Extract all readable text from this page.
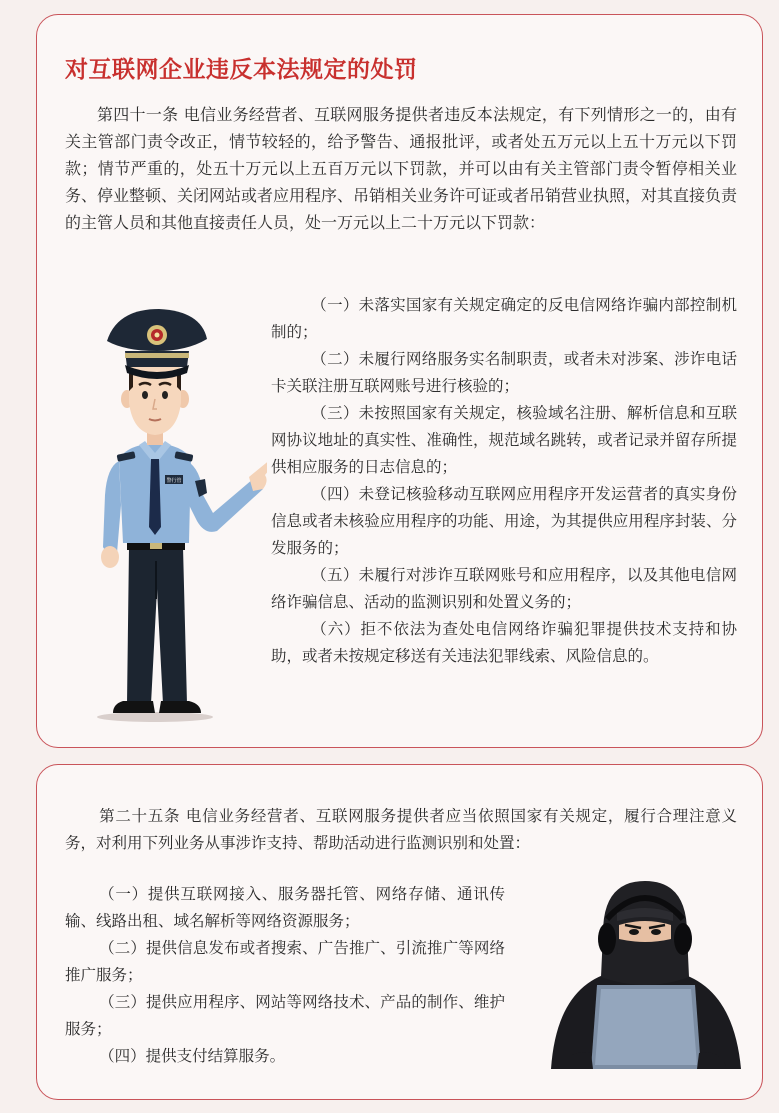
对互联网企业违反本法规定的处罚

第四十一条 电信业务经营者、互联网服务提供者违反本法规定，有下列情形之一的，由有关主管部门责令改正，情节较轻的，给予警告、通报批评，或者处五万元以上五十万元以下罚款；情节严重的，处五十万元以上五百万元以下罚款，并可以由有关主管部门责令暂停相关业务、停业整顿、关闭网站或者应用程序、吊销相关业务许可证或者吊销营业执照，对其直接负责的主管人员和其他直接责任人员，处一万元以上二十万元以下罚款：

（一）未落实国家有关规定确定的反电信网络诈骗内部控制机制的；

（二）未履行网络服务实名制职责，或者未对涉案、涉诈电话卡关联注册互联网账号进行核验的；

（三）未按照国家有关规定，核验域名注册、解析信息和互联网协议地址的真实性、准确性，规范域名跳转，或者记录并留存所提供相应服务的日志信息的；

（四）未登记核验移动互联网应用程序开发运营者的真实身份信息或者未核验应用程序的功能、用途，为其提供应用程序封装、分发服务的；

（五）未履行对涉诈互联网账号和应用程序，以及其他电信网络诈骗信息、活动的监测识别和处置义务的；

（六）拒不依法为查处电信网络诈骗犯罪提供技术支持和协助，或者未按规定移送有关违法犯罪线索、风险信息的。

警行管

第二十五条 电信业务经营者、互联网服务提供者应当依照国家有关规定，履行合理注意义务，对利用下列业务从事涉诈支持、帮助活动进行监测识别和处置：

（一）提供互联网接入、服务器托管、网络存储、通讯传输、线路出租、域名解析等网络资源服务；

（二）提供信息发布或者搜索、广告推广、引流推广等网络推广服务；

（三）提供应用程序、网站等网络技术、产品的制作、维护服务；

（四）提供支付结算服务。
